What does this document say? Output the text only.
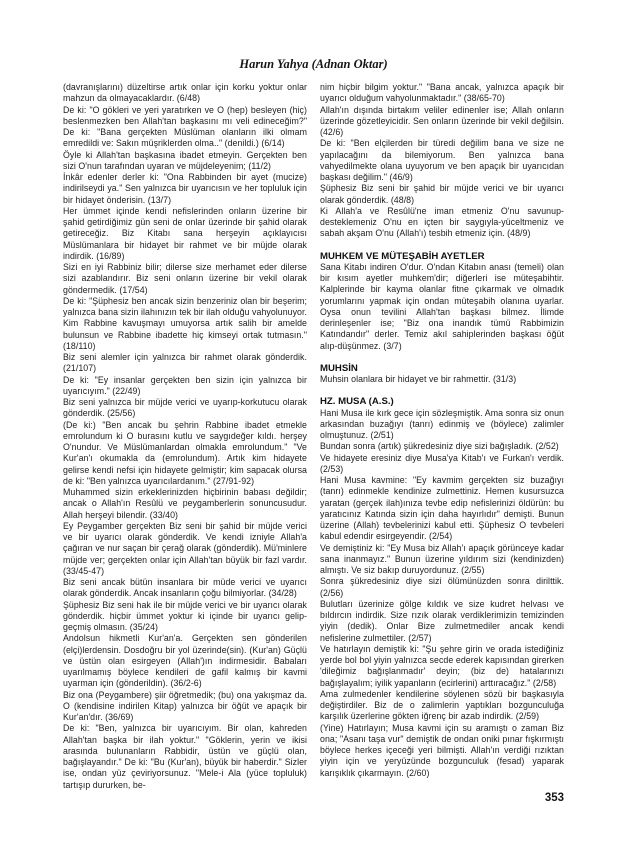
Harun Yahya (Adnan Oktar)

(davranışlarını) düzeltirse artık onlar için korku yoktur onlar mahzun da olmayacaklardır. (6/48)

De ki: "O gökleri ve yeri yaratırken ve O (hep) besleyen (hiç) beslenmezken ben Allah'tan başkasını mı veli edineceğim?" De ki: "Bana gerçekten Müslüman olanların ilki olmam emredildi ve: Sakın müşriklerden olma.." (denildi.) (6/14)

Öyle ki Allah'tan başkasına ibadet etmeyin. Gerçekten ben sizi O'nun tarafından uyaran ve müjdeleyenim; (11/2)

İnkâr edenler derler ki: "Ona Rabbinden bir ayet (mucize) indirilseydi ya." Sen yalnızca bir uyarıcısın ve her topluluk için bir hidayet önderisin. (13/7)

Her ümmet içinde kendi nefislerinden onların üzerine bir şahid getirdiğimiz gün seni de onlar üzerinde bir şahid olarak getireceğiz. Biz Kitabı sana herşeyin açıklayıcısı Müslümanlara bir hidayet bir rahmet ve bir müjde olarak indirdik. (16/89)

Sizi en iyi Rabbiniz bilir; dilerse size merhamet eder dilerse sizi azablandırır. Biz seni onların üzerine bir vekil olarak göndermedik. (17/54)

De ki: "Şüphesiz ben ancak sizin benzeriniz olan bir beşerim; yalnızca bana sizin ilahınızın tek bir ilah olduğu vahyolunuyor. Kim Rabbine kavuşmayı umuyorsa artık salih bir amelde bulunsun ve Rabbine ibadette hiç kimseyi ortak tutmasın." (18/110)

Biz seni alemler için yalnızca bir rahmet olarak gönderdik. (21/107)

De ki: "Ey insanlar gerçekten ben sizin için yalnızca bir uyarıcıyım." (22/49)

Biz seni yalnızca bir müjde verici ve uyarıp-korkutucu olarak gönderdik. (25/56)

(De ki:) "Ben ancak bu şehrin Rabbine ibadet etmekle emrolundum ki O burasını kutlu ve saygıdeğer kıldı. herşey O'nundur. Ve Müslümanlardan olmakla emrolundum." "Ve Kur'an'ı okumakla da (emrolundum). Artık kim hidayete gelirse kendi nefsi için hidayete gelmiştir; kim sapacak olursa de ki: "Ben yalnızca uyarıcılardanım." (27/91-92)

Muhammed sizin erkeklerinizden hiçbirinin babası değildir; ancak o Allah'ın Resûlü ve peygamberlerin sonuncusudur. Allah herşeyi bilendir. (33/40)

Ey Peygamber gerçekten Biz seni bir şahid bir müjde verici ve bir uyarıcı olarak gönderdik. Ve kendi izniyle Allah'a çağıran ve nur saçan bir çerağ olarak (gönderdik). Mü'minlere müjde ver; gerçekten onlar için Allah'tan büyük bir fazl vardır. (33/45-47)

Biz seni ancak bütün insanlara bir müde verici ve uyarıcı olarak gönderdik. Ancak insanların çoğu bilmiyorlar. (34/28)

Şüphesiz Biz seni hak ile bir müjde verici ve bir uyarıcı olarak gönderdik. hiçbir ümmet yoktur ki içinde bir uyarıcı gelip-geçmiş olmasın. (35/24)

Andolsun hikmetli Kur'an'a. Gerçekten sen gönderilen (elçi)lerdensin. Dosdoğru bir yol üzerinde(sin). (Kur'an) Güçlü ve üstün olan esirgeyen (Allah')ın indirmesidir. Babaları uyarılmamış böylece kendileri de gafil kalmış bir kavmi uyarman için (gönderildin). (36/2-6)

Biz ona (Peygambere) şiir öğretmedik; (bu) ona yakışmaz da. O (kendisine indirilen Kitap) yalnızca bir öğüt ve apaçık bir Kur'an'dır. (36/69)

De ki: "Ben, yalnızca bir uyarıcıyım. Bir olan, kahreden Allah'tan başka bir ilah yoktur." "Göklerin, yerin ve ikisi arasında bulunanların Rabbidir, üstün ve güçlü olan, bağışlayandır." De ki: "Bu (Kur'an), büyük bir haberdir." Sizler ise, ondan yüz çeviriyorsunuz. "Mele-i Ala (yüce topluluk) tartışıp dururken, be-

nim hiçbir bilgim yoktur." "Bana ancak, yalnızca apaçık bir uyarıcı olduğum vahyolunmaktadır." (38/65-70)

Allah'ın dışında birtakım veliler edinenler ise; Allah onların üzerinde gözetleyicidir. Sen onların üzerinde bir vekil değilsin. (42/6)

De ki: "Ben elçilerden bir türedi değilim bana ve size ne yapılacağını da bilemiyorum. Ben yalnızca bana vahyedilmekte olana uyuyorum ve ben apaçık bir uyarıcıdan başkası değilim." (46/9)

Şüphesiz Biz seni bir şahid bir müjde verici ve bir uyarıcı olarak gönderdik. (48/8)

Ki Allah'a ve Resûlü'ne iman etmeniz O'nu savunup-desteklemeniz O'nu en içten bir saygıyla-yüceltmeniz ve sabah akşam O'nu (Allah'ı) tesbih etmeniz için. (48/9)

MUHKEM VE MÜTEŞABİH AYETLER

Sana Kitabı indiren O'dur. O'ndan Kitabın anası (temeli) olan bir kısım ayetler muhkem'dir; diğerleri ise müteşabihtir. Kalplerinde bir kayma olanlar fitne çıkarmak ve olmadık yorumlarını yapmak için ondan müteşabih olanına uyarlar. Oysa onun tevilini Allah'tan başkası bilmez. İlimde derinleşenler ise; "Biz ona inandık tümü Rabbimizin Katındandır" derler. Temiz akıl sahiplerinden başkası öğüt alıp-düşünmez. (3/7)

MUHSİN

Muhsin olanlara bir hidayet ve bir rahmettir. (31/3)

HZ. MUSA (A.S.)

Hani Musa ile kırk gece için sözleşmiştik. Ama sonra siz onun arkasından buzağıyı (tanrı) edinmiş ve (böylece) zalimler olmuştunuz. (2/51)

Bundan sonra (artık) şükredesiniz diye sizi bağışladık. (2/52)

Ve hidayete eresiniz diye Musa'ya Kitab'ı ve Furkan'ı verdik. (2/53)

Hani Musa kavmine: "Ey kavmim gerçekten siz buzağıyı (tanrı) edinmekle kendinize zulmettiniz. Hemen kusursuzca yaratan (gerçek ilah)ınıza tevbe edip nefislerinizi öldürün: bu yaratıcınız Katında sizin için daha hayırlıdır" demişti. Bunun üzerine (Allah) tevbelerinizi kabul etti. Şüphesiz O tevbeleri kabul edendir esirgeyendir. (2/54)

Ve demiştiniz ki: "Ey Musa biz Allah'ı apaçık görünceye kadar sana inanmayız." Bunun üzerine yıldırım sizi (kendinizden) almıştı. Ve siz bakıp duruyordunuz. (2/55)

Sonra şükredesiniz diye sizi ölümünüzden sonra dirilttik. (2/56)

Bulutları üzerinize gölge kıldık ve size kudret helvası ve bıldırcın indirdik. Size rızık olarak verdiklerimizin temizinden yiyin (dedik). Onlar Bize zulmetmediler ancak kendi nefislerine zulmettiler. (2/57)

Ve hatırlayın demiştik ki: "Şu şehre girin ve orada istediğiniz yerde bol bol yiyin yalnızca secde ederek kapısından girerken 'dileğimiz bağışlanmadır' deyin; (biz de) hatalarınızı bağışlayalım; iyilik yapanların (ecirlerini) arttıracağız." (2/58)

Ama zulmedenler kendilerine söylenen sözü bir başkasıyla değiştirdiler. Biz de o zalimlerin yaptıkları bozgunculuğa karşılık üzerlerine gökten iğrenç bir azab indirdik. (2/59)

(Yine) Hatırlayın; Musa kavmi için su aramıştı o zaman Biz ona; "Asanı taşa vur" demiştik de ondan oniki pınar fışkırmıştı böylece herkes içeceği yeri bilmişti. Allah'ın verdiği rızıktan yiyin için ve yeryüzünde bozgunculuk (fesad) yaparak karışıklık çıkarmayın. (2/60)

353
